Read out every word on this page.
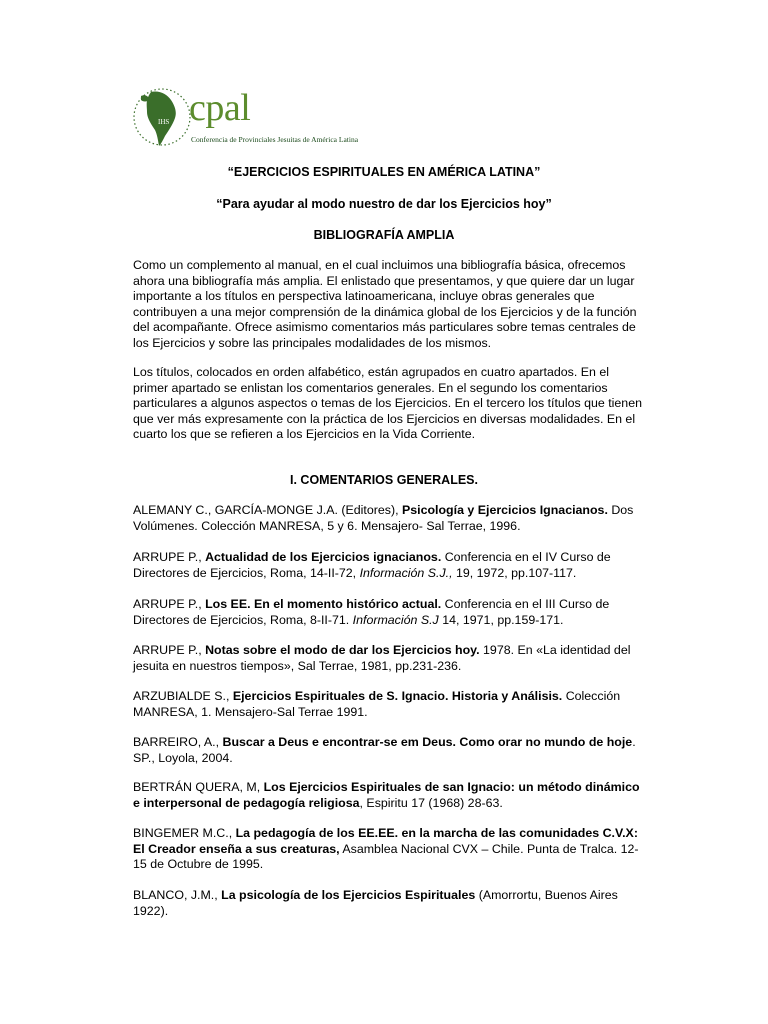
IHS cpal
Conferencia de Provinciales Jesuitas de América Latina

“EJERCICIOS ESPIRITUALES EN AMÉRICA LATINA”

“Para ayudar al modo nuestro de dar los Ejercicios hoy”

BIBLIOGRAFÍA AMPLIA

Como un complemento al manual, en el cual incluimos una bibliografía básica, ofrecemos ahora una bibliografía más amplia. El enlistado que presentamos, y que quiere dar un lugar importante a los títulos en perspectiva latinoamericana, incluye obras generales que contribuyen a una mejor comprensión de la dinámica global de los Ejercicios y de la función del acompañante. Ofrece asimismo comentarios más particulares sobre temas centrales de los Ejercicios y sobre las principales modalidades de los mismos.

Los títulos, colocados en orden alfabético, están agrupados en cuatro apartados. En el primer apartado se enlistan los comentarios generales. En el segundo los comentarios particulares a algunos aspectos o temas de los Ejercicios. En el tercero los títulos que tienen que ver más expresamente con la práctica de los Ejercicios en diversas modalidades. En el cuarto los que se refieren a los Ejercicios en la Vida Corriente.

I. COMENTARIOS GENERALES.

ALEMANY C., GARCÍA-MONGE J.A. (Editores), Psicología y Ejercicios Ignacianos. Dos Volúmenes. Colección MANRESA, 5 y 6. Mensajero- Sal Terrae, 1996.

ARRUPE P., Actualidad de los Ejercicios ignacianos. Conferencia en el IV Curso de Directores de Ejercicios, Roma, 14-II-72, Información S.J., 19, 1972, pp.107-117.

ARRUPE P., Los EE. En el momento histórico actual. Conferencia en el III Curso de Directores de Ejercicios, Roma, 8-II-71. Información S.J 14, 1971, pp.159-171.

ARRUPE P., Notas sobre el modo de dar los Ejercicios hoy. 1978. En «La identidad del jesuita en nuestros tiempos», Sal Terrae, 1981, pp.231-236.

ARZUBIALDE S., Ejercicios Espirituales de S. Ignacio. Historia y Análisis. Colección MANRESA, 1. Mensajero-Sal Terrae 1991.

BARREIRO, A., Buscar a Deus e encontrar-se em Deus. Como orar no mundo de hoje. SP., Loyola, 2004.

BERTRÁN QUERA, M, Los Ejercicios Espirituales de san Ignacio: un método dinámico e interpersonal de pedagogía religiosa, Espiritu 17 (1968) 28-63.

BINGEMER M.C., La pedagogía de los EE.EE. en la marcha de las comunidades C.V.X: El Creador enseña a sus creaturas, Asamblea Nacional CVX – Chile. Punta de Tralca. 12-15 de Octubre de 1995.

BLANCO, J.M., La psicología de los Ejercicios Espirituales (Amorrortu, Buenos Aires 1922).
